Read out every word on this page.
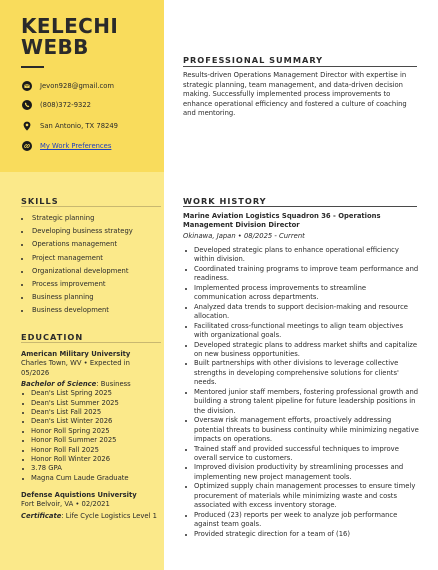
KELECHI
WEBB
Jevon928@gmail.com
(808)372-9322
San Antonio, TX 78249
My Work Preferences
SKILLS
Strategic planning
Developing business strategy
Operations management
Project management
Organizational development
Process improvement
Business planning
Business development
EDUCATION
American Military University
Charles Town, WV • Expected in 05/2026
Bachelor of Science: Business
Dean's List Spring 2025
Dean's List Summer 2025
Dean's List Fall 2025
Dean's List Winter 2026
Honor Roll Spring 2025
Honor Roll Summer 2025
Honor Roll Fall 2025
Honor Roll Winter 2026
3.78 GPA
Magna Cum Laude Graduate
Defense Aquistions University
Fort Belvoir, VA • 02/2021
Certificate: Life Cycle Logistics Level 1
PROFESSIONAL SUMMARY
Results-driven Operations Management Director with expertise in strategic planning, team management, and data-driven decision making. Successfully implemented process improvements to enhance operational efficiency and fostered a culture of coaching and mentoring.
WORK HISTORY
Marine Aviation Logistics Squadron 36 - Operations Management Division Director
Okinawa, Japan • 08/2025 - Current
Developed strategic plans to enhance operational efficiency within division.
Coordinated training programs to improve team performance and readiness.
Implemented process improvements to streamline communication across departments.
Analyzed data trends to support decision-making and resource allocation.
Facilitated cross-functional meetings to align team objectives with organizational goals.
Developed strategic plans to address market shifts and capitalize on new business opportunities.
Built partnerships with other divisions to leverage collective strengths in developing comprehensive solutions for clients' needs.
Mentored junior staff members, fostering professional growth and building a strong talent pipeline for future leadership positions in the division.
Oversaw risk management efforts, proactively addressing potential threats to business continuity while minimizing negative impacts on operations.
Trained staff and provided successful techniques to improve overall service to customers.
Improved division productivity by streamlining processes and implementing new project management tools.
Optimized supply chain management processes to ensure timely procurement of materials while minimizing waste and costs associated with excess inventory storage.
Produced (23) reports per week to analyze job performance against team goals.
Provided strategic direction for a team of (16)
